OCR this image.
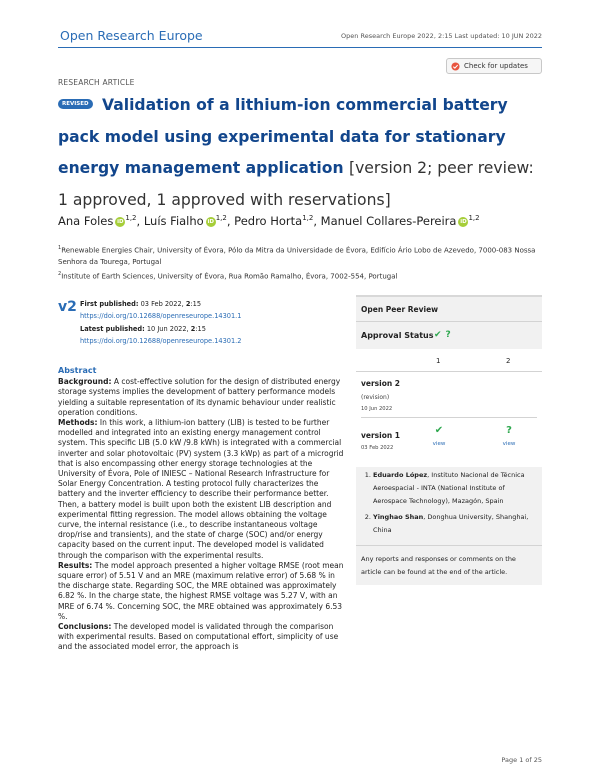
Open Research Europe	Open Research Europe 2022, 2:15 Last updated: 10 JUN 2022
RESEARCH ARTICLE
Check for updates
REVISED Validation of a lithium-ion commercial battery pack model using experimental data for stationary energy management application [version 2; peer review: 1 approved, 1 approved with reservations]
Ana Foles iD $^{1,2}$, Luís Fialho iD $^{1,2}$, Pedro Horta$^{1,2}$, Manuel Collares-Pereira iD $^{1,2}$
$^1$Renewable Energies Chair, University of Évora, Pólo da Mitra da Universidade de Évora, Edifício Ário Lobo de Azevedo, 7000-083 Nossa Senhora da Tourega, Portugal
$^2$Institute of Earth Sciences, University of Évora, Rua Romão Ramalho, Évora, 7002-554, Portugal
v2 First published: 03 Feb 2022, 2:15
https://doi.org/10.12688/openreseurope.14301.1
Latest published: 10 Jun 2022, 2:15
https://doi.org/10.12688/openreseurope.14301.2
Abstract

Background: A cost-effective solution for the design of distributed energy storage systems implies the development of battery performance models yielding a suitable representation of its dynamic behaviour under realistic operation conditions.

Methods: In this work, a lithium-ion battery (LIB) is tested to be further modelled and integrated into an existing energy management control system. This specific LIB (5.0 kW /9.8 kWh) is integrated with a commercial inverter and solar photovoltaic (PV) system (3.3 kWp) as part of a microgrid that is also encompassing other energy storage technologies at the University of Évora, Pole of INIESC – National Research Infrastructure for Solar Energy Concentration. A testing protocol fully characterizes the battery and the inverter efficiency to describe their performance better. Then, a battery model is built upon both the existent LIB description and experimental fitting regression. The model allows obtaining the voltage curve, the internal resistance (i.e., to describe instantaneous voltage drop/rise and transients), and the state of charge (SOC) and/or energy capacity based on the current input. The developed model is validated through the comparison with the experimental results.

Results: The model approach presented a higher voltage RMSE (root mean square error) of 5.51 V and an MRE (maximum relative error) of 5.68 % in the discharge state. Regarding SOC, the MRE obtained was approximately 6.82 %. In the charge state, the highest RMSE voltage was 5.27 V, with an MRE of 6.74 %. Concerning SOC, the MRE obtained was approximately 6.53 %.

Conclusions: The developed model is validated through the comparison with experimental results. Based on computational effort, simplicity of use and the associated model error, the approach is

Open Peer Review
Approval Status ✔ ?
1	2
version 2
(revision)
10 Jun 2022
version 1
03 Feb 2022
✔
view
?
view
1. Eduardo López, Instituto Nacional de Técnica Aeroespacial - INTA (National Institute of Aerospace Technology), Mazagón, Spain
2. Yinghao Shan, Donghua University, Shanghai, China
Any reports and responses or comments on the article can be found at the end of the article.
Page 1 of 25
